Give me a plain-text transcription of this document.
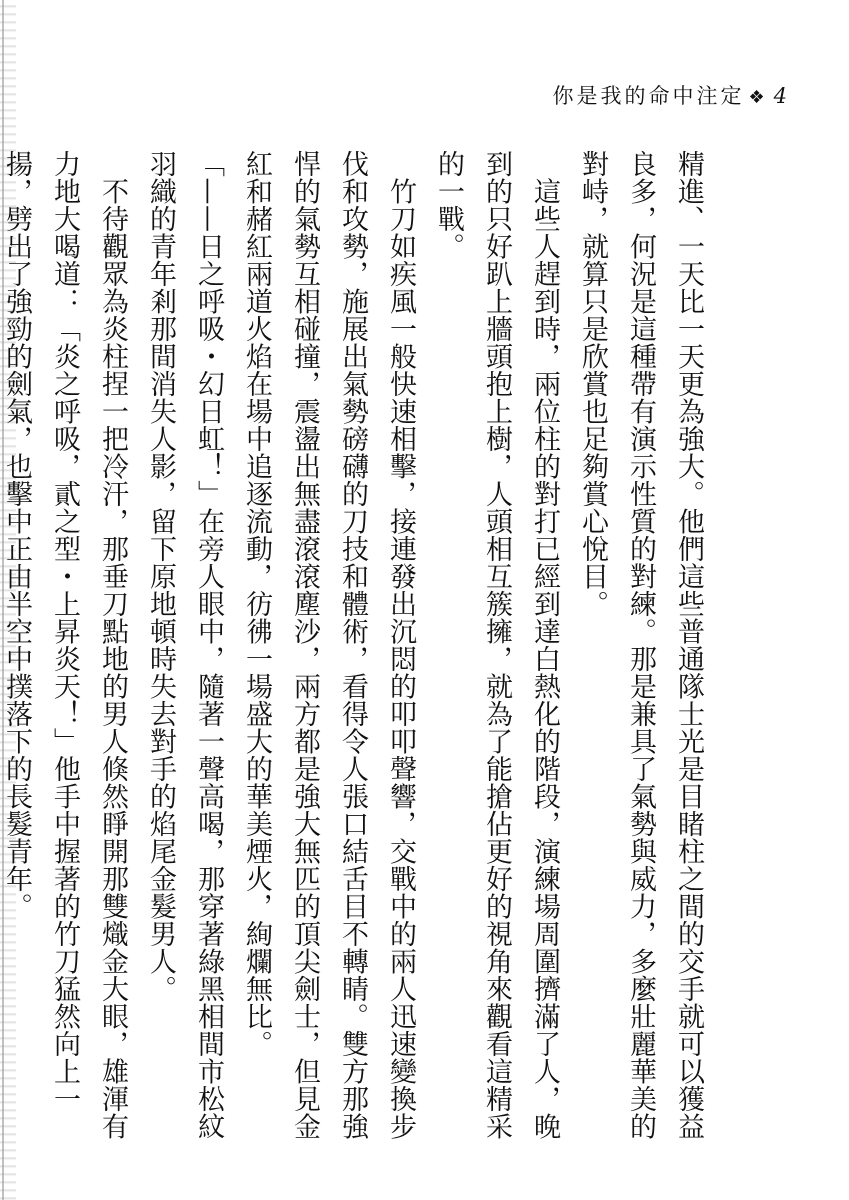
你是我的命中注定 ❖ 4

精進、一天比一天更為強大。他們這些普通隊士光是目睹柱之間的交手就可以獲益良多，何況是這種帶有演示性質的對練。那是兼具了氣勢與威力，多麼壯麗華美的對峙，就算只是欣賞也足夠賞心悅目。

　這些人趕到時，兩位柱的對打已經到達白熱化的階段，演練場周圍擠滿了人，晚到的只好趴上牆頭抱上樹，人頭相互簇擁，就為了能搶佔更好的視角來觀看這精采的一戰。

　竹刀如疾風一般快速相擊，接連發出沉悶的叩叩聲響，交戰中的兩人迅速變換步伐和攻勢，施展出氣勢磅礴的刀技和體術，看得令人張口結舌目不轉睛。雙方那強悍的氣勢互相碰撞，震盪出無盡滾滾塵沙，兩方都是強大無匹的頂尖劍士，但見金紅和赭紅兩道火焰在場中追逐流動，彷彿一場盛大的華美煙火，絢爛無比。

「——日之呼吸・幻日虹！」在旁人眼中，隨著一聲高喝，那穿著綠黑相間市松紋羽織的青年剎那間消失人影，留下原地頓時失去對手的焰尾金髮男人。

　不待觀眾為炎柱捏一把冷汗，那垂刀點地的男人倏然睜開那雙熾金大眼，雄渾有力地大喝道：「炎之呼吸，貳之型・上昇炎天！」他手中握著的竹刀猛然向上一揚，劈出了強勁的劍氣，也擊中正由半空中撲落下的長髮青年。
